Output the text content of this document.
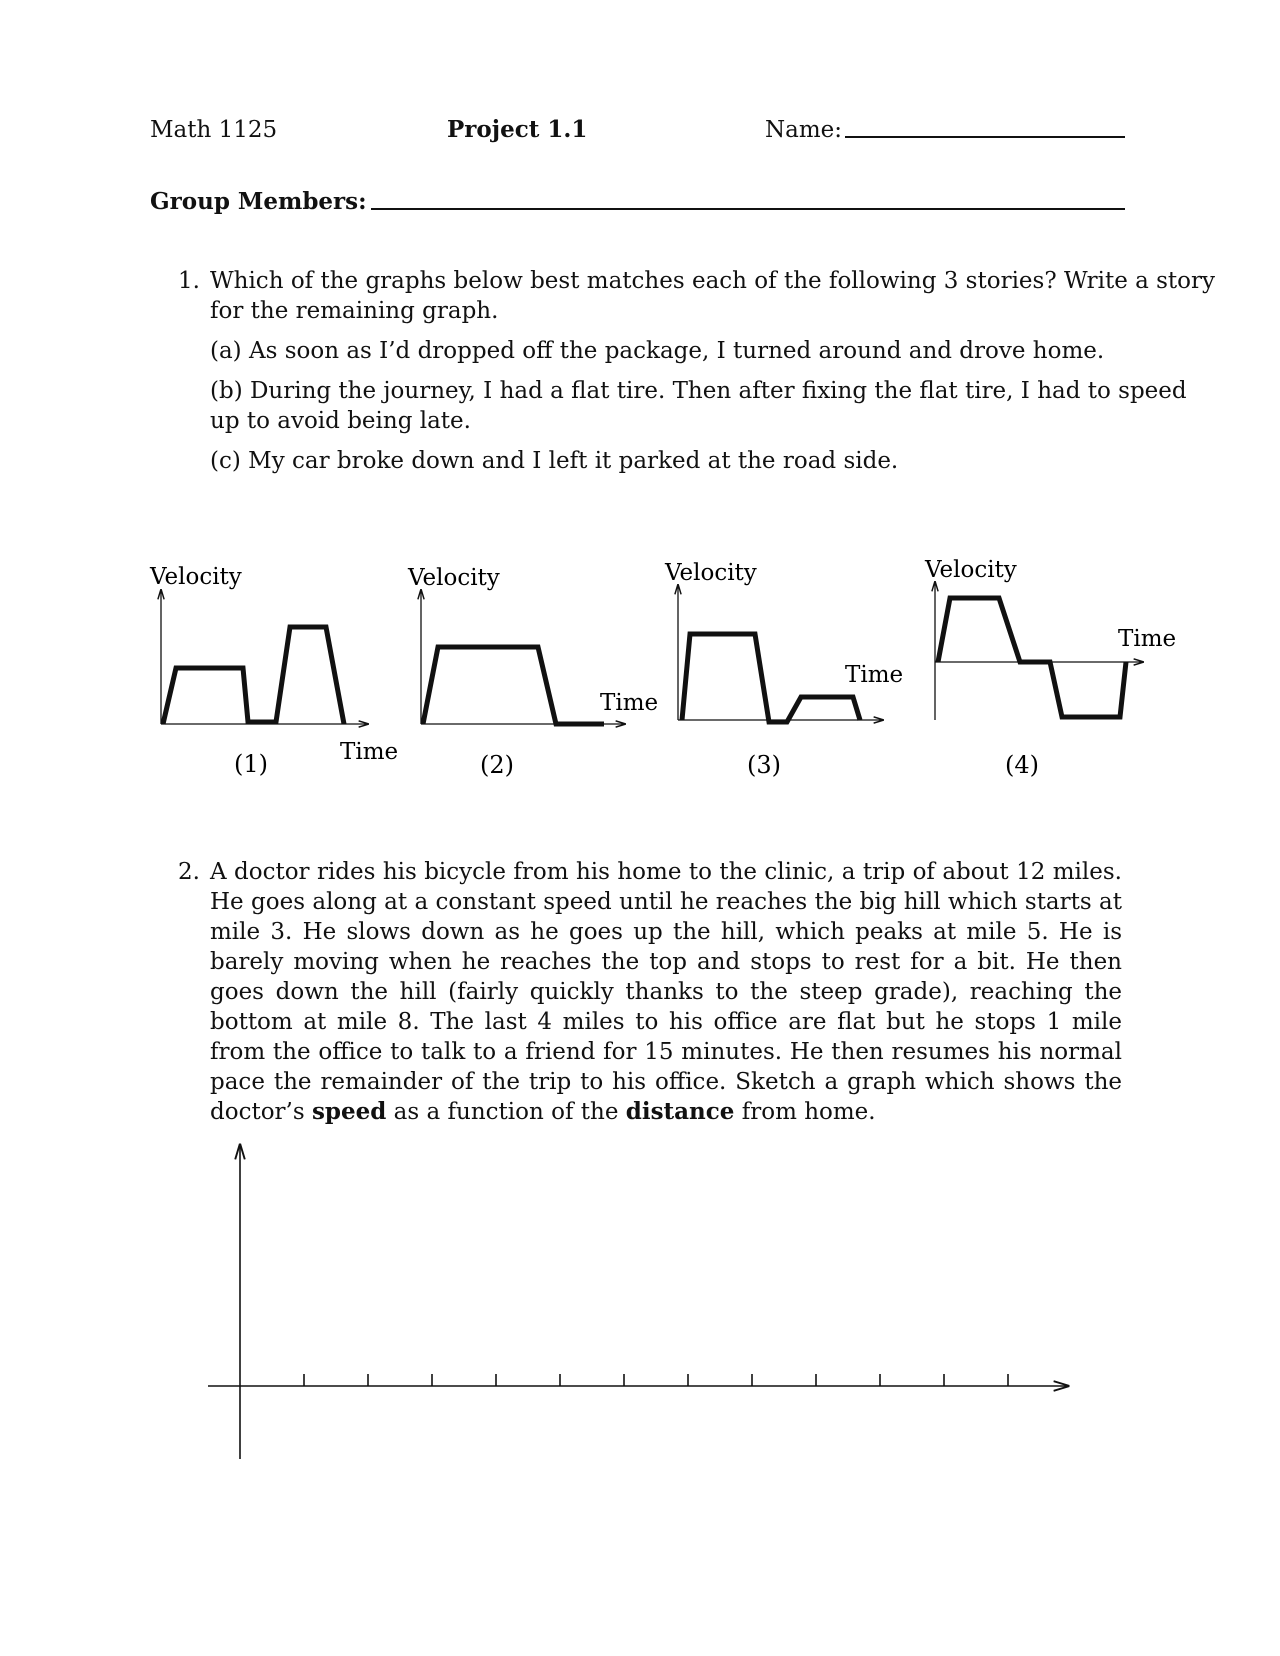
Math 1125	Project 1.1	Name:
Group Members:
1. Which of the graphs below best matches each of the following 3 stories? Write a story
for the remaining graph.
(a) As soon as I’d dropped off the package, I turned around and drove home.
(b) During the journey, I had a flat tire. Then after fixing the flat tire, I had to speed
up to avoid being late.
(c) My car broke down and I left it parked at the road side.
Velocity
Time
(1)
Velocity
Time
(2)
Velocity
Time
(3)
Velocity
Time
(4)
2. A doctor rides his bicycle from his home to the clinic, a trip of about 12 miles. He goes along at a constant speed until he reaches the big hill which starts at mile 3. He slows down as he goes up the hill, which peaks at mile 5. He is barely moving when he reaches the top and stops to rest for a bit. He then goes down the hill (fairly quickly thanks to the steep grade), reaching the bottom at mile 8. The last 4 miles to his office are flat but he stops 1 mile from the office to talk to a friend for 15 minutes. He then resumes his normal pace the remainder of the trip to his office. Sketch a graph which shows the doctor’s speed as a function of the distance from home.
